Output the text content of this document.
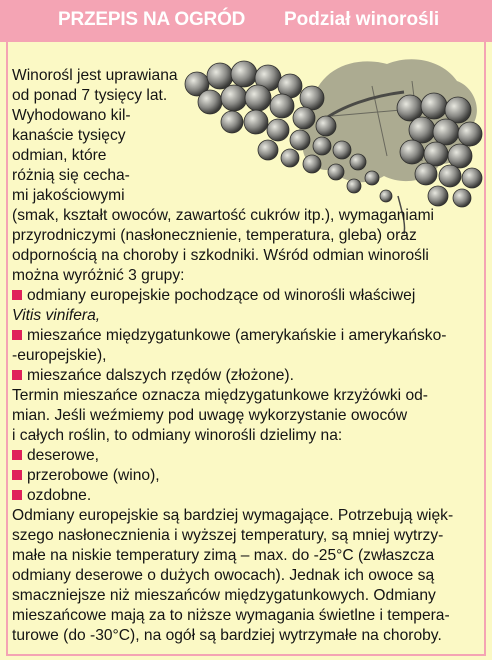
PRZEPIS NA OGRÓD Podział winorośli
Winorośl jest uprawiana
od ponad 7 tysięcy lat.
Wyhodowano kil-
kanaście tysięcy
odmian, które
różnią się cecha-
mi jakościowymi
(smak, kształt owoców, zawartość cukrów itp.), wymaganiami
przyrodniczymi (nasłonecznienie, temperatura, gleba) oraz
odpornością na choroby i szkodniki. Wśród odmian winorośli
można wyróżnić 3 grupy:
odmiany europejskie pochodzące od winorośli właściwej
Vitis vinifera,
mieszańce międzygatunkowe (amerykańskie i amerykańsko-
-europejskie),
mieszańce dalszych rzędów (złożone).
Termin mieszańce oznacza międzygatunkowe krzyżówki od-
mian. Jeśli weźmiemy pod uwagę wykorzystanie owoców
i całych roślin, to odmiany winorośli dzielimy na:
deserowe,
przerobowe (wino),
ozdobne.
Odmiany europejskie są bardziej wymagające. Potrzebują więk-
szego nasłonecznienia i wyższej temperatury, są mniej wytrzy-
małe na niskie temperatury zimą – max. do -25°C (zwłaszcza
odmiany deserowe o dużych owocach). Jednak ich owoce są
smaczniejsze niż mieszańców międzygatunkowych. Odmiany
mieszańcowe mają za to niższe wymagania świetlne i tempera-
turowe (do -30°C), na ogół są bardziej wytrzymałe na choroby.
